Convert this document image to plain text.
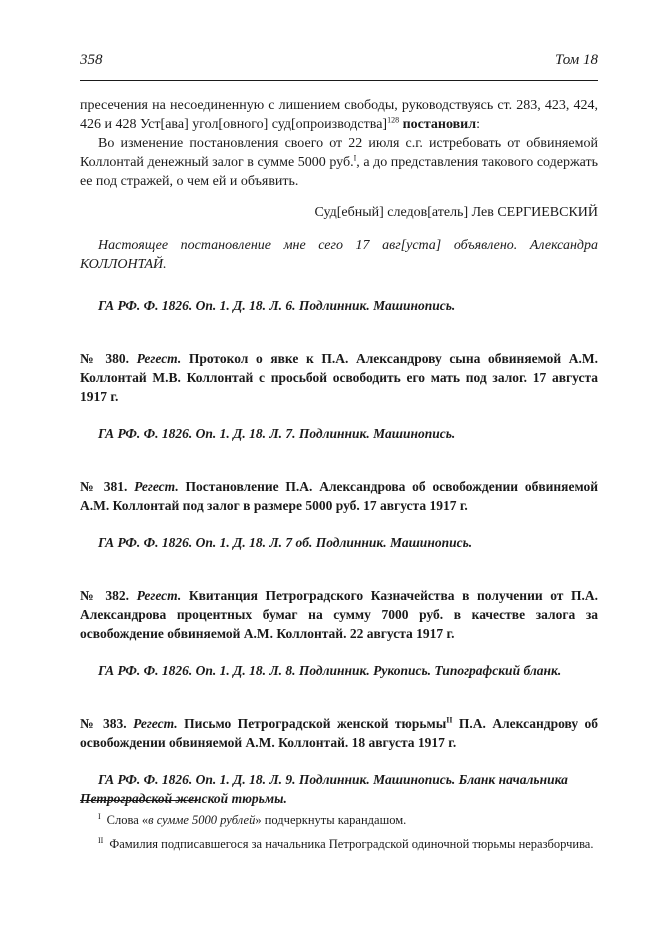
358	Том 18

пресечения на несоединенную с лишением свободы, руководствуясь ст. 283, 423, 424, 426 и 428 Уст[ава] угол[овного] суд[опроизводства]$^{128}$ постановил:

Во изменение постановления своего от 22 июля с.г. истребовать от обвиняемой Коллонтай денежный залог в сумме 5000 руб.$^I$, а до представления такового содержать ее под стражей, о чем ей и объявить.

Суд[ебный] следов[атель] Лев СЕРГИЕВСКИЙ

Настоящее постановление мне сего 17 авг[уста] объявлено. Александра КОЛЛОНТАЙ.

ГА РФ. Ф. 1826. Оп. 1. Д. 18. Л. 6. Подлинник. Машинопись.

№ 380. Регест. Протокол о явке к П.А. Александрову сына обвиняемой А.М. Коллонтай М.В. Коллонтай с просьбой освободить его мать под залог. 17 августа 1917 г.

ГА РФ. Ф. 1826. Оп. 1. Д. 18. Л. 7. Подлинник. Машинопись.

№ 381. Регест. Постановление П.А. Александрова об освобождении обвиняемой А.М. Коллонтай под залог в размере 5000 руб. 17 августа 1917 г.

ГА РФ. Ф. 1826. Оп. 1. Д. 18. Л. 7 об. Подлинник. Машинопись.

№ 382. Регест. Квитанция Петроградского Казначейства в получении от П.А. Александрова процентных бумаг на сумму 7000 руб. в качестве залога за освобождение обвиняемой А.М. Коллонтай. 22 августа 1917 г.

ГА РФ. Ф. 1826. Оп. 1. Д. 18. Л. 8. Подлинник. Рукопись. Типографский бланк.

№ 383. Регест. Письмо Петроградской женской тюрьмы$^{II}$ П.А. Александрову об освобождении обвиняемой А.М. Коллонтай. 18 августа 1917 г.

ГА РФ. Ф. 1826. Оп. 1. Д. 18. Л. 9. Подлинник. Машинопись. Бланк начальника Петроградской женской тюрьмы.

$^I$ Слова «в сумме 5000 рублей» подчеркнуты карандашом.

$^{II}$ Фамилия подписавшегося за начальника Петроградской одиночной тюрьмы неразборчива.
